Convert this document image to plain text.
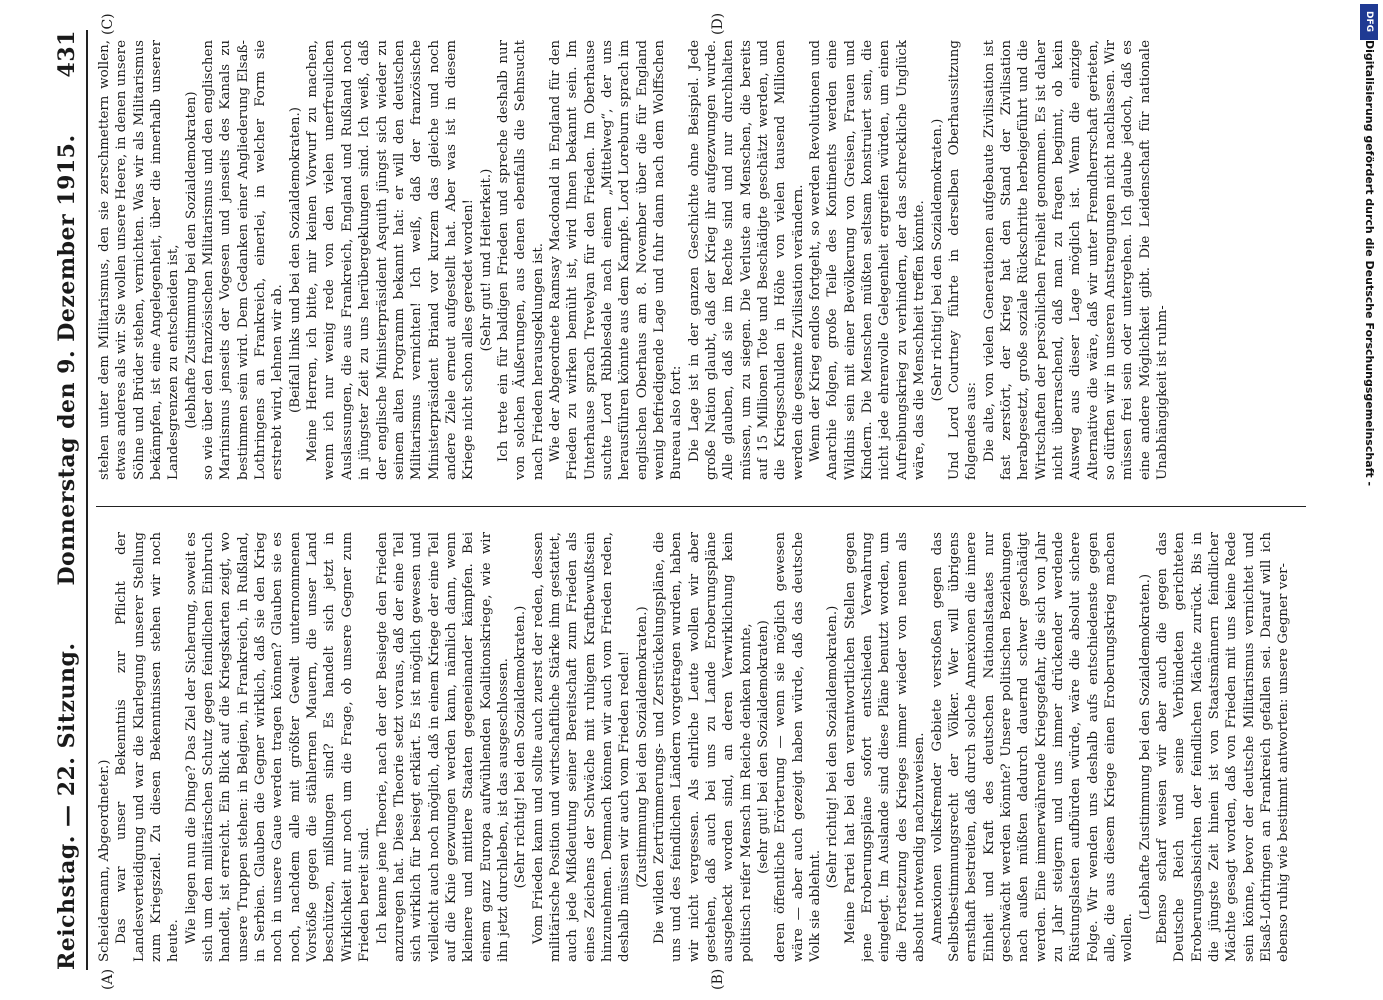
Reichstag. — 22. Sitzung.
Donnerstag den 9. Dezember 1915.
431

Scheidemann, Abgeordneter.) Das war unser Bekenntnis zur Pflicht der Landesverteidigung und war die Klarlegung unserer Stellung zum Kriegsziel. Zu diesen Bekenntnissen stehen wir noch heute. Wie liegen nun die Dinge? Das Ziel der Sicherung, soweit es sich um den militärischen Schutz gegen feindlichen Einbruch handelt, ist erreicht. Ein Blick auf die Kriegskarten zeigt, wo unsere Truppen stehen: in Belgien, in Frankreich, in Rußland, in Serbien. Glauben die Gegner wirklich, daß sie den Krieg noch in unsere Gaue werden tragen können? Glauben sie es noch, nachdem alle mit größter Gewalt unternommenen Vorstöße gegen die stählernen Mauern, die unser Land beschützen, mißlungen sind? Es handelt sich jetzt in Wirklichkeit nur noch um die Frage, ob unsere Gegner zum Frieden bereit sind. Ich kenne jene Theorie, nach der der Besiegte den Frieden anzuregen hat. Diese Theorie setzt voraus, daß der eine Teil sich wirklich für besiegt erklärt. Es ist möglich gewesen und vielleicht auch noch möglich, daß in einem Kriege der eine Teil auf die Knie gezwungen werden kann, nämlich dann, wenn kleinere und mittlere Staaten gegeneinander kämpfen. Bei einem ganz Europa aufwühlenden Koalitionskriege, wie wir ihn jetzt durchleben, ist das ausgeschlossen. (Sehr richtig! bei den Sozialdemokraten.) Vom Frieden kann und sollte auch zuerst der reden, dessen militärische Position und wirtschaftliche Stärke ihm gestattet, auch jede Mißdeutung seiner Bereitschaft zum Frieden als eines Zeichens der Schwäche mit ruhigem Kraftbewußtsein hinzunehmen. Demnach können wir auch vom Frieden reden, deshalb müssen wir auch vom Frieden reden! (Zustimmung bei den Sozialdemokraten.) Die wilden Zertrümmerungs- und Zerstückelungspläne, die uns und des feindlichen Ländern vorgetragen wurden, haben wir nicht vergessen. Als ehrliche Leute wollen wir aber gestehen, daß auch bei uns zu Lande Eroberungspläne ausgeheckt worden sind, an deren Verwirklichung kein politisch reifer Mensch im Reiche denken konnte, (sehr gut! bei den Sozialdemokraten) deren öffentliche Erörterung — wenn sie möglich gewesen wäre — aber auch gezeigt haben würde, daß das deutsche Volk sie ablehnt.

(Sehr richtig! bei den Sozialdemokraten.) Meine Partei hat bei den verantwortlichen Stellen gegen jene Eroberungspläne sofort entschieden Verwahrung eingelegt. Im Auslande sind diese Pläne benutzt worden, um die Fortsetzung des Krieges immer wieder von neuem als absolut notwendig nachzuweisen. Annexionen volksfremder Gebiete verstoßen gegen das Selbstbestimmungsrecht der Völker. Wer will übrigens ernsthaft bestreiten, daß durch solche Annexionen die innere Einheit und Kraft des deutschen Nationalstaates nur geschwächt werden könnte? Unsere politischen Beziehungen nach außen müßten dadurch dauernd schwer geschädigt werden. Eine immerwährende Kriegsgefahr, die sich von Jahr zu Jahr steigern und uns immer drückender werdende Rüstungslasten aufbürden würde, wäre die absolut sichere Folge. Wir wenden uns deshalb aufs entschiedenste gegen alle, die aus diesem Kriege einen Eroberungskrieg machen wollen.

(Lebhafte Zustimmung bei den Sozialdemokraten.) Ebenso scharf weisen wir aber auch die gegen das Deutsche Reich und seine Verbündeten gerichteten Eroberungsabsichten der feindlichen Mächte zurück. Bis in die jüngste Zeit hinein ist von Staatsmännern feindlicher Mächte gesagt worden, daß von Frieden mit uns keine Rede sein könne, bevor der deutsche Militarismus vernichtet und Elsaß-Lothringen an Frankreich gefallen sei. Darauf will ich ebenso ruhig wie bestimmt antworten: unsere Gegner ver-

stehen unter dem Militarismus, den sie zerschmettern wollen, etwas anderes als wir. Sie wollen unsere Heere, in denen unsere Söhne und Brüder stehen, vernichten. Was wir als Militarismus bekämpfen, ist eine Angelegenheit, über die innerhalb unserer Landesgrenzen zu entscheiden ist, (lebhafte Zustimmung bei den Sozialdemokraten) so wie über den französischen Militarismus und den englischen Marinismus jenseits der Vogesen und jenseits des Kanals zu bestimmen sein wird. Dem Gedanken einer Angliederung Elsaß-Lothringens an Frankreich, einerlei, in welcher Form sie erstrebt wird, lehnen wir ab. (Beifall links und bei den Sozialdemokraten.) Meine Herren, ich bitte, mir keinen Vorwurf zu machen, wenn ich nur wenig rede von den vielen unerfreulichen Auslassungen, die aus Frankreich, England und Rußland noch in jüngster Zeit zu uns herübergeklungen sind. Ich weiß, daß der englische Ministerpräsident Asquith jüngst sich wieder zu seinem alten Programm bekannt hat: er will den deutschen Militarismus vernichten! Ich weiß, daß der französische Ministerpräsident Briand vor kurzem das gleiche und noch andere Ziele erneut aufgestellt hat. Aber was ist in diesem Kriege nicht schon alles geredet worden! (Sehr gut! und Heiterkeit.) Ich trete ein für baldigen Frieden und spreche deshalb nur von solchen Äußerungen, aus denen ebenfalls die Sehnsucht nach Frieden herausgeklungen ist. Wie der Abgeordnete Ramsay Macdonald in England für den Frieden zu wirken bemüht ist, wird Ihnen bekannt sein. Im Unterhause sprach Trevelyan für den Frieden. Im Oberhause suchte Lord Ribblesdale nach einem „Mittelweg“, der uns herausführen könnte aus dem Kampfe. Lord Loreburn sprach im englischen Oberhaus am 8. November über die für England wenig befriedigende Lage und fuhr dann nach dem Wolffschen Bureau also fort: Die Lage ist in der ganzen Geschichte ohne Beispiel. Jede große Nation glaubt, daß der Krieg ihr aufgezwungen wurde. Alle glauben, daß sie im Rechte sind und nur durchhalten müssen, um zu siegen. Die Verluste an Menschen, die bereits auf 15 Millionen Tote und Beschädigte geschätzt werden, und die Kriegsschulden in Höhe von vielen tausend Millionen werden die gesamte Zivilisation verändern. Wenn der Krieg endlos fortgeht, so werden Revolutionen und Anarchie folgen, große Teile des Kontinents werden eine Wildnis sein mit einer Bevölkerung von Greisen, Frauen und Kindern. Die Menschen müßten seltsam konstruiert sein, die nicht jede ehrenvolle Gelegenheit ergreifen würden, um einen Aufreibungskrieg zu verhindern, der das schreckliche Unglück wäre, das die Menschheit treffen könnte. (Sehr richtig! bei den Sozialdemokraten.) Und Lord Courtney führte in derselben Oberhaussitzung folgendes aus: Die alte, von vielen Generationen aufgebaute Zivilisation ist fast zerstört, der Krieg hat den Stand der Zivilisation herabgesetzt, große soziale Rückschritte herbeigeführt und die Wirtschaften der persönlichen Freiheit genommen. Es ist daher nicht überraschend, daß man zu fragen beginnt, ob kein Ausweg aus dieser Lage möglich ist. Wenn die einzige Alternative die wäre, daß wir unter Fremdherrschaft gerieten, so dürften wir in unseren Anstrengungen nicht nachlassen. Wir müssen frei sein oder untergehen. Ich glaube jedoch, daß es eine andere Möglichkeit gibt. Die Leidenschaft für nationale Unabhängigkeit ist ruhm-

(A)	(B)
(C)	(D)	DFG
Digitalisierung gefördert durch die Deutsche Forschungsgemeinschaft -
